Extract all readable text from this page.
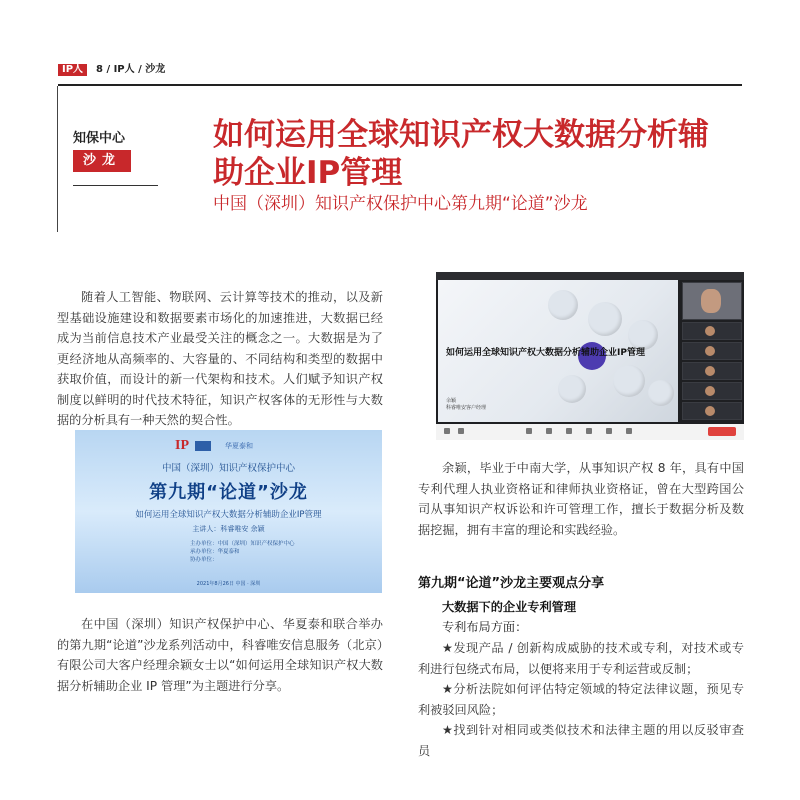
IP人	8 / IP人 / 沙龙
知保中心
沙龙
如何运用全球知识产权大数据分析辅助企业IP管理
中国（深圳）知识产权保护中心第九期“论道”沙龙
随着人工智能、物联网、云计算等技术的推动，以及新型基础设施建设和数据要素市场化的加速推进，大数据已经成为当前信息技术产业最受关注的概念之一。大数据是为了更经济地从高频率的、大容量的、不同结构和类型的数据中获取价值，而设计的新一代架构和技术。人们赋予知识产权制度以鲜明的时代技术特征，知识产权客体的无形性与大数据的分析具有一种天然的契合性。
IP	华夏泰和
中国（深圳）知识产权保护中心
第九期“论道”沙龙
如何运用全球知识产权大数据分析辅助企业IP管理
主讲人：科睿唯安 余颖
主办单位：中国（深圳）知识产权保护中心
承办单位：华夏泰和
协办单位：
2021年8月26日 中国 · 深圳
在中国（深圳）知识产权保护中心、华夏泰和联合举办的第九期“论道”沙龙系列活动中，科睿唯安信息服务（北京）有限公司大客户经理余颖女士以“如何运用全球知识产权大数据分析辅助企业 IP 管理”为主题进行分享。
如何运用全球知识产权大数据分析辅助企业IP管理
余颖
科睿唯安客户经理
余颖，毕业于中南大学，从事知识产权 8 年，具有中国专利代理人执业资格证和律师执业资格证，曾在大型跨国公司从事知识产权诉讼和许可管理工作，擅长于数据分析及数据挖掘，拥有丰富的理论和实践经验。
第九期“论道”沙龙主要观点分享
大数据下的企业专利管理
专利布局方面：
★发现产品 / 创新构成威胁的技术或专利，对技术或专利进行包绕式布局，以便将来用于专利运营或反制；
★分析法院如何评估特定领域的特定法律议题，预见专利被驳回风险；
★找到针对相同或类似技术和法律主题的用以反驳审查员
